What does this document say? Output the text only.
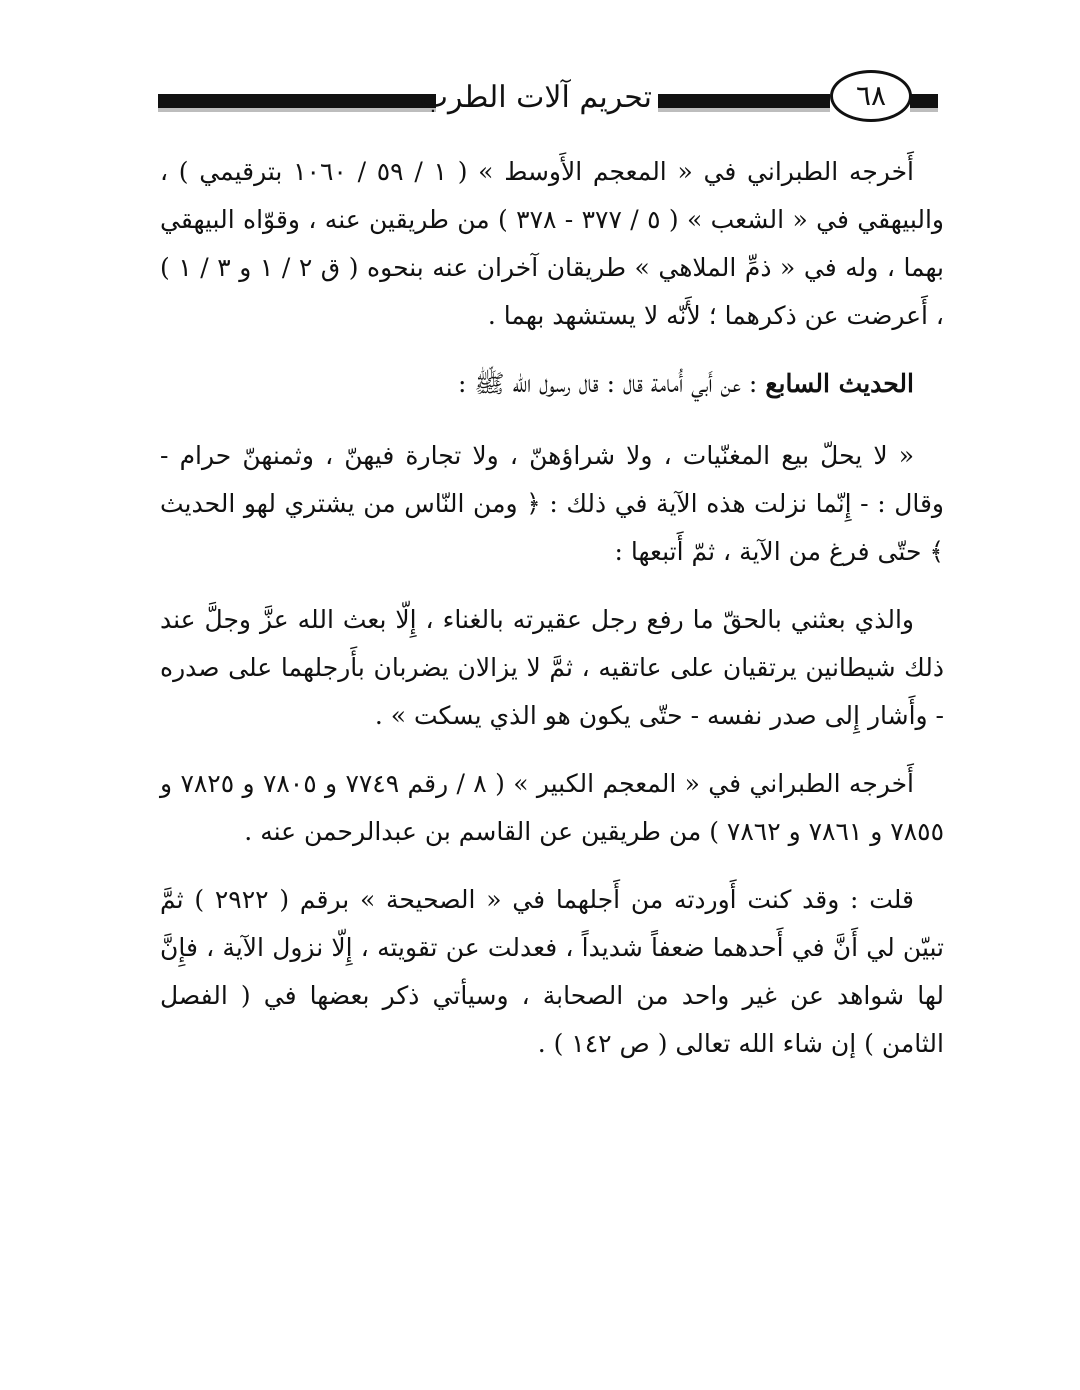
تحريم آلات الطرب	٦٨

أَخرجه الطبراني في « المعجم الأَوسط » ( ١ / ٥٩ / ١٠٦٠ بترقيمي ) ، والبيهقي في « الشعب » ( ٥ / ٣٧٧ - ٣٧٨ ) من طريقين عنه ، وقوّاه البيهقي بهما ، وله في « ذمِّ الملاهي » طريقان آخران عنه بنحوه ( ق ٢ / ١ و ٣ / ١ ) ، أَعرضت عن ذكرهما ؛ لأَنّه لا يستشهد بهما .

الحديث السابع : عن أَبي أُمامة قال : قال رسول الله ﷺ :

« لا يحلّ بيع المغنّيات ، ولا شراؤهنّ ، ولا تجارة فيهنّ ، وثمنهنّ حرام - وقال : - إِنّما نزلت هذه الآية في ذلك : ﴿ ومن النّاس من يشتري لهو الحديث ﴾ حتّى فرغ من الآية ، ثمّ أَتبعها :

والذي بعثني بالحقّ ما رفع رجل عقيرته بالغناء ، إِلّا بعث الله عزَّ وجلَّ عند ذلك شيطانين يرتقيان على عاتقيه ، ثمَّ لا يزالان يضربان بأَرجلهما على صدره - وأَشار إِلى صدر نفسه - حتّى يكون هو الذي يسكت » .

أَخرجه الطبراني في « المعجم الكبير » ( ٨ / رقم ٧٧٤٩ و ٧٨٠٥ و ٧٨٢٥ و ٧٨٥٥ و ٧٨٦١ و ٧٨٦٢ ) من طريقين عن القاسم بن عبدالرحمن عنه .

قلت : وقد كنت أَوردته من أَجلهما في « الصحيحة » برقم ( ٢٩٢٢ ) ثمَّ تبيّن لي أَنَّ في أَحدهما ضعفاً شديداً ، فعدلت عن تقويته ، إِلّا نزول الآية ، فإِنَّ لها شواهد عن غير واحد من الصحابة ، وسيأتي ذكر بعضها في ( الفصل الثامن ) إن شاء الله تعالى ( ص ١٤٢ ) .
